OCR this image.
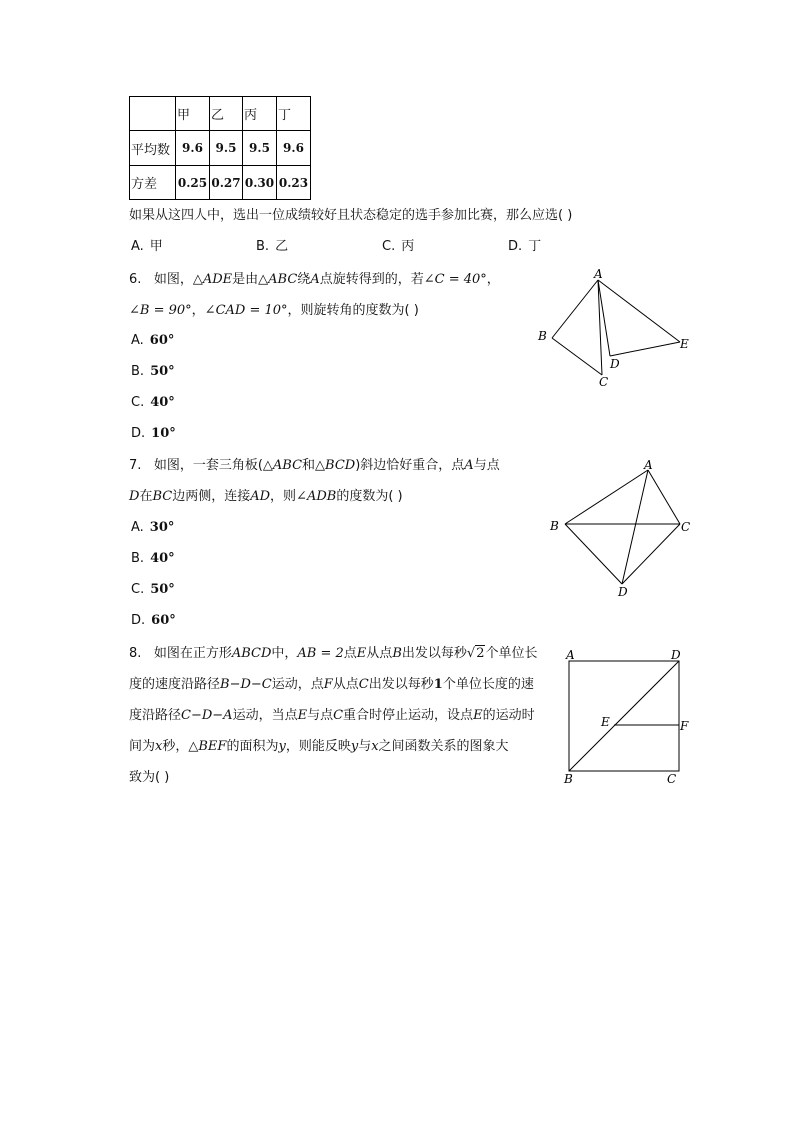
	甲	乙	丙	丁
平均数	9.6	9.5	9.5	9.6
方差	0.25	0.27	0.30	0.23
如果从这四人中，选出一位成绩较好且状态稳定的选手参加比赛，那么应选( )
A. 甲	B. 乙	C. 丙	D. 丁
6. 如图，△ADE是由△ABC绕A点旋转得到的，若∠C = 40°，
∠B = 90°，∠CAD = 10°，则旋转角的度数为( )
A. 60°
B. 50°
C. 40°
D. 10°
A
B
C
D
E
7. 如图，一套三角板(△ABC和△BCD)斜边恰好重合，点A与点
D在BC边两侧，连接AD，则∠ADB的度数为( )
A. 30°
B. 40°
C. 50°
D. 60°
A
B	C
D
8. 如图在正方形ABCD中，AB = 2点E从点B出发以每秒√2个单位长
度的速度沿路径B−D−C运动，点F从点C出发以每秒1个单位长度的速
度沿路径C−D−A运动，当点E与点C重合时停止运动，设点E的运动时
间为x秒，△BEF的面积为y，则能反映y与x之间函数关系的图象大
致为( )
A	D
B	C
E	F
